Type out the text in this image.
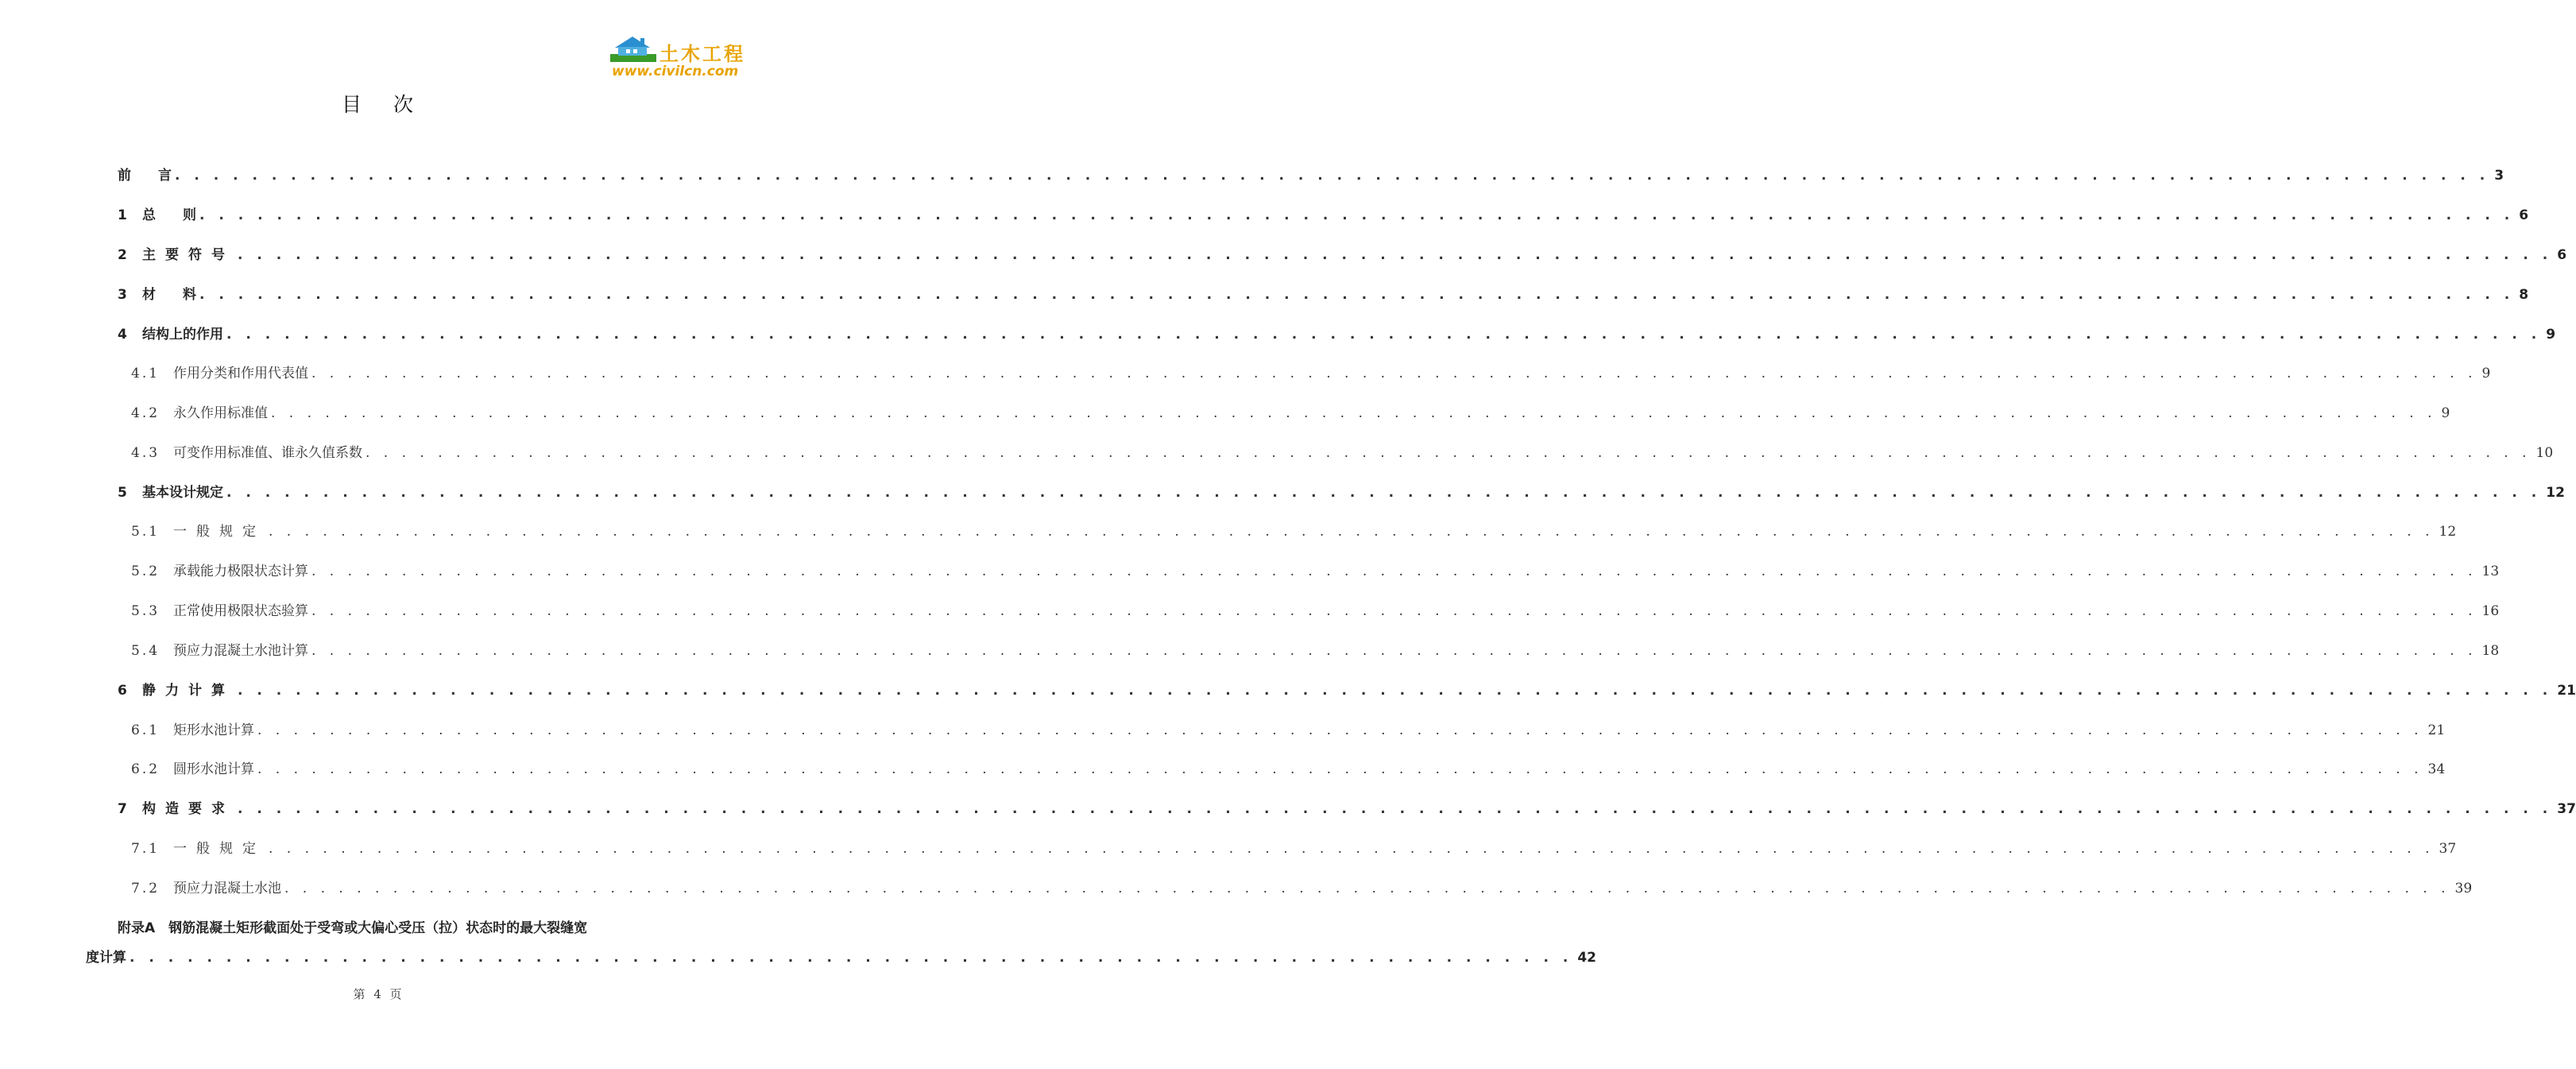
土木工程
www.civilcn.com
目次
前　　言 . . . . . . . . . . . . . . . . . . . . . . . . . . . . . . . . . . . . . . . . . . . . . . . . . . . . . . . . . . . . . . . . . . . . . . . . . . . . . . . . . . . . . . . . . . . . . . . . . . . . . . . . . . . . . . . . . . . . . . . . 3
1	总　　则 . . . . . . . . . . . . . . . . . . . . . . . . . . . . . . . . . . . . . . . . . . . . . . . . . . . . . . . . . . . . . . . . . . . . . . . . . . . . . . . . . . . . . . . . . . . . . . . . . . . . . . . . . . . . . . . . . . . . . . . . 6
2	主要符号 . . . . . . . . . . . . . . . . . . . . . . . . . . . . . . . . . . . . . . . . . . . . . . . . . . . . . . . . . . . . . . . . . . . . . . . . . . . . . . . . . . . . . . . . . . . . . . . . . . . . . . . . . . . . . . . . . . . . . . . . 6
3	材　　料 . . . . . . . . . . . . . . . . . . . . . . . . . . . . . . . . . . . . . . . . . . . . . . . . . . . . . . . . . . . . . . . . . . . . . . . . . . . . . . . . . . . . . . . . . . . . . . . . . . . . . . . . . . . . . . . . . . . . . . . . 8
4	结构上的作用 . . . . . . . . . . . . . . . . . . . . . . . . . . . . . . . . . . . . . . . . . . . . . . . . . . . . . . . . . . . . . . . . . . . . . . . . . . . . . . . . . . . . . . . . . . . . . . . . . . . . . . . . . . . . . . . . . . . . . . . . 9
4.1 作用分类和作用代表值 . . . . . . . . . . . . . . . . . . . . . . . . . . . . . . . . . . . . . . . . . . . . . . . . . . . . . . . . . . . . . . . . . . . . . . . . . . . . . . . . . . . . . . . . . . . . . . . . . . . . . . . . . . . . . . . . . . . . . . . . 9
4.2 永久作用标准值 . . . . . . . . . . . . . . . . . . . . . . . . . . . . . . . . . . . . . . . . . . . . . . . . . . . . . . . . . . . . . . . . . . . . . . . . . . . . . . . . . . . . . . . . . . . . . . . . . . . . . . . . . . . . . . . . . . . . . . . . 9
4.3 可变作用标准值、谁永久值系数 . . . . . . . . . . . . . . . . . . . . . . . . . . . . . . . . . . . . . . . . . . . . . . . . . . . . . . . . . . . . . . . . . . . . . . . . . . . . . . . . . . . . . . . . . . . . . . . . . . . . . . . . . . . . . . . . . . . . . . . . 10
5	基本设计规定 . . . . . . . . . . . . . . . . . . . . . . . . . . . . . . . . . . . . . . . . . . . . . . . . . . . . . . . . . . . . . . . . . . . . . . . . . . . . . . . . . . . . . . . . . . . . . . . . . . . . . . . . . . . . . . . . . . . . . . . . 12
5.1 一般规定 . . . . . . . . . . . . . . . . . . . . . . . . . . . . . . . . . . . . . . . . . . . . . . . . . . . . . . . . . . . . . . . . . . . . . . . . . . . . . . . . . . . . . . . . . . . . . . . . . . . . . . . . . . . . . . . . . . . . . . . . 12
5.2 承载能力极限状态计算 . . . . . . . . . . . . . . . . . . . . . . . . . . . . . . . . . . . . . . . . . . . . . . . . . . . . . . . . . . . . . . . . . . . . . . . . . . . . . . . . . . . . . . . . . . . . . . . . . . . . . . . . . . . . . . . . . . . . . . . . 13
5.3 正常使用极限状态验算 . . . . . . . . . . . . . . . . . . . . . . . . . . . . . . . . . . . . . . . . . . . . . . . . . . . . . . . . . . . . . . . . . . . . . . . . . . . . . . . . . . . . . . . . . . . . . . . . . . . . . . . . . . . . . . . . . . . . . . . . 16
5.4 预应力混凝土水池计算 . . . . . . . . . . . . . . . . . . . . . . . . . . . . . . . . . . . . . . . . . . . . . . . . . . . . . . . . . . . . . . . . . . . . . . . . . . . . . . . . . . . . . . . . . . . . . . . . . . . . . . . . . . . . . . . . . . . . . . . . 18
6	静力计算 . . . . . . . . . . . . . . . . . . . . . . . . . . . . . . . . . . . . . . . . . . . . . . . . . . . . . . . . . . . . . . . . . . . . . . . . . . . . . . . . . . . . . . . . . . . . . . . . . . . . . . . . . . . . . . . . . . . . . . . . 21
6.1 矩形水池计算 . . . . . . . . . . . . . . . . . . . . . . . . . . . . . . . . . . . . . . . . . . . . . . . . . . . . . . . . . . . . . . . . . . . . . . . . . . . . . . . . . . . . . . . . . . . . . . . . . . . . . . . . . . . . . . . . . . . . . . . . 21
6.2 圆形水池计算 . . . . . . . . . . . . . . . . . . . . . . . . . . . . . . . . . . . . . . . . . . . . . . . . . . . . . . . . . . . . . . . . . . . . . . . . . . . . . . . . . . . . . . . . . . . . . . . . . . . . . . . . . . . . . . . . . . . . . . . . 34
7	构造要求 . . . . . . . . . . . . . . . . . . . . . . . . . . . . . . . . . . . . . . . . . . . . . . . . . . . . . . . . . . . . . . . . . . . . . . . . . . . . . . . . . . . . . . . . . . . . . . . . . . . . . . . . . . . . . . . . . . . . . . . . 37
7.1 一般规定 . . . . . . . . . . . . . . . . . . . . . . . . . . . . . . . . . . . . . . . . . . . . . . . . . . . . . . . . . . . . . . . . . . . . . . . . . . . . . . . . . . . . . . . . . . . . . . . . . . . . . . . . . . . . . . . . . . . . . . . . 37
7.2 预应力混凝土水池 . . . . . . . . . . . . . . . . . . . . . . . . . . . . . . . . . . . . . . . . . . . . . . . . . . . . . . . . . . . . . . . . . . . . . . . . . . . . . . . . . . . . . . . . . . . . . . . . . . . . . . . . . . . . . . . . . . . . . . . . 39
附录A　钢筋混凝土矩形截面处于受弯或大偏心受压（拉）状态时的最大裂缝宽
度计算 . . . . . . . . . . . . . . . . . . . . . . . . . . . . . . . . . . . . . . . . . . . . . . . . . . . . . . . . . . . . . . . . . . . . . . . . . . . 42
第 4 页
